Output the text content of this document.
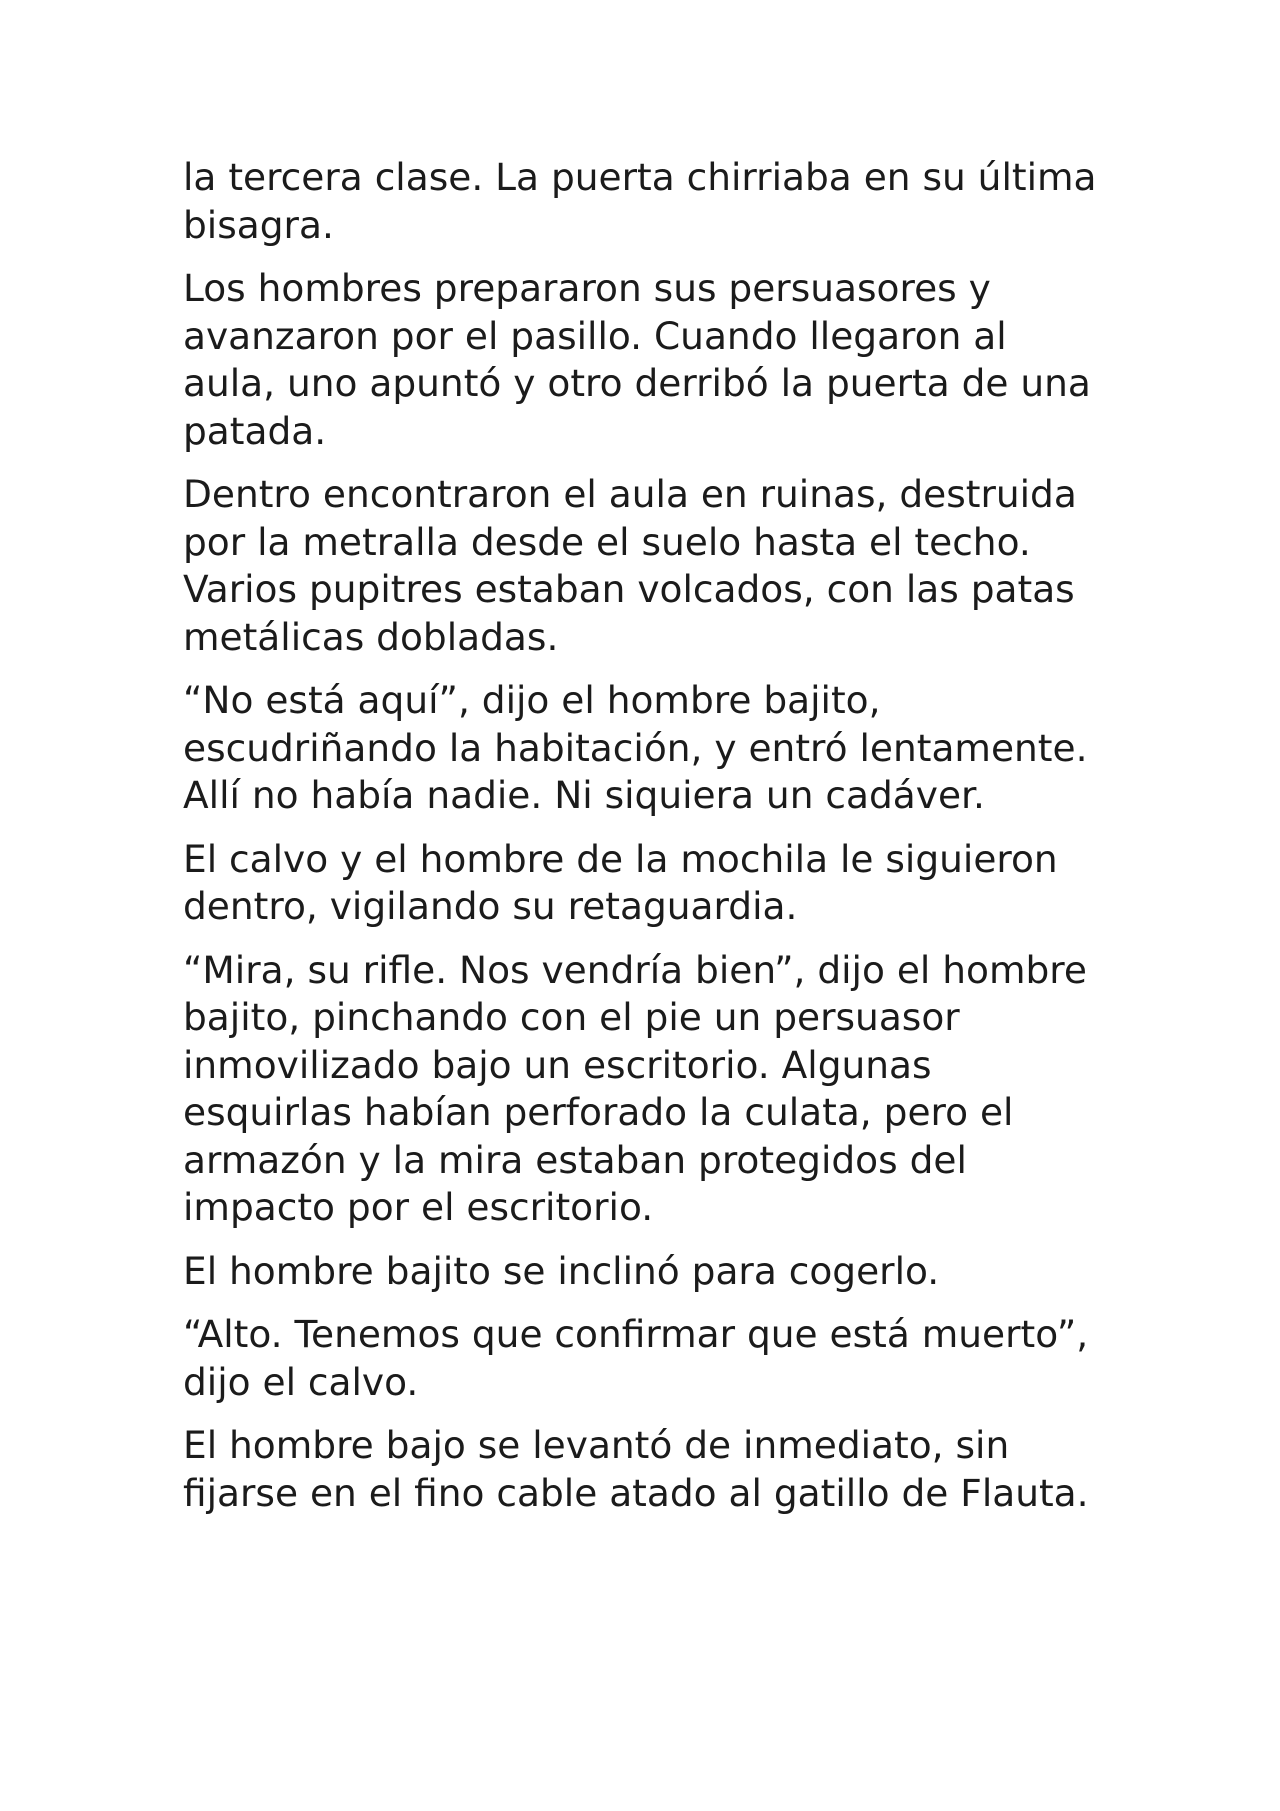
la tercera clase. La puerta chirriaba en su última bisagra.

Los hombres prepararon sus persuasores y avanzaron por el pasillo. Cuando llegaron al aula, uno apuntó y otro derribó la puerta de una patada.

Dentro encontraron el aula en ruinas, destruida por la metralla desde el suelo hasta el techo. Varios pupitres estaban volcados, con las patas metálicas dobladas.

“No está aquí”, dijo el hombre bajito, escudriñando la habitación, y entró lentamente. Allí no había nadie. Ni siquiera un cadáver.

El calvo y el hombre de la mochila le siguieron dentro, vigilando su retaguardia.

“Mira, su rifle. Nos vendría bien”, dijo el hombre bajito, pinchando con el pie un persuasor inmovilizado bajo un escritorio. Algunas esquirlas habían perforado la culata, pero el armazón y la mira estaban protegidos del impacto por el escritorio.

El hombre bajito se inclinó para cogerlo.

“Alto. Tenemos que confirmar que está muerto”, dijo el calvo.

El hombre bajo se levantó de inmediato, sin fijarse en el fino cable atado al gatillo de Flauta.
